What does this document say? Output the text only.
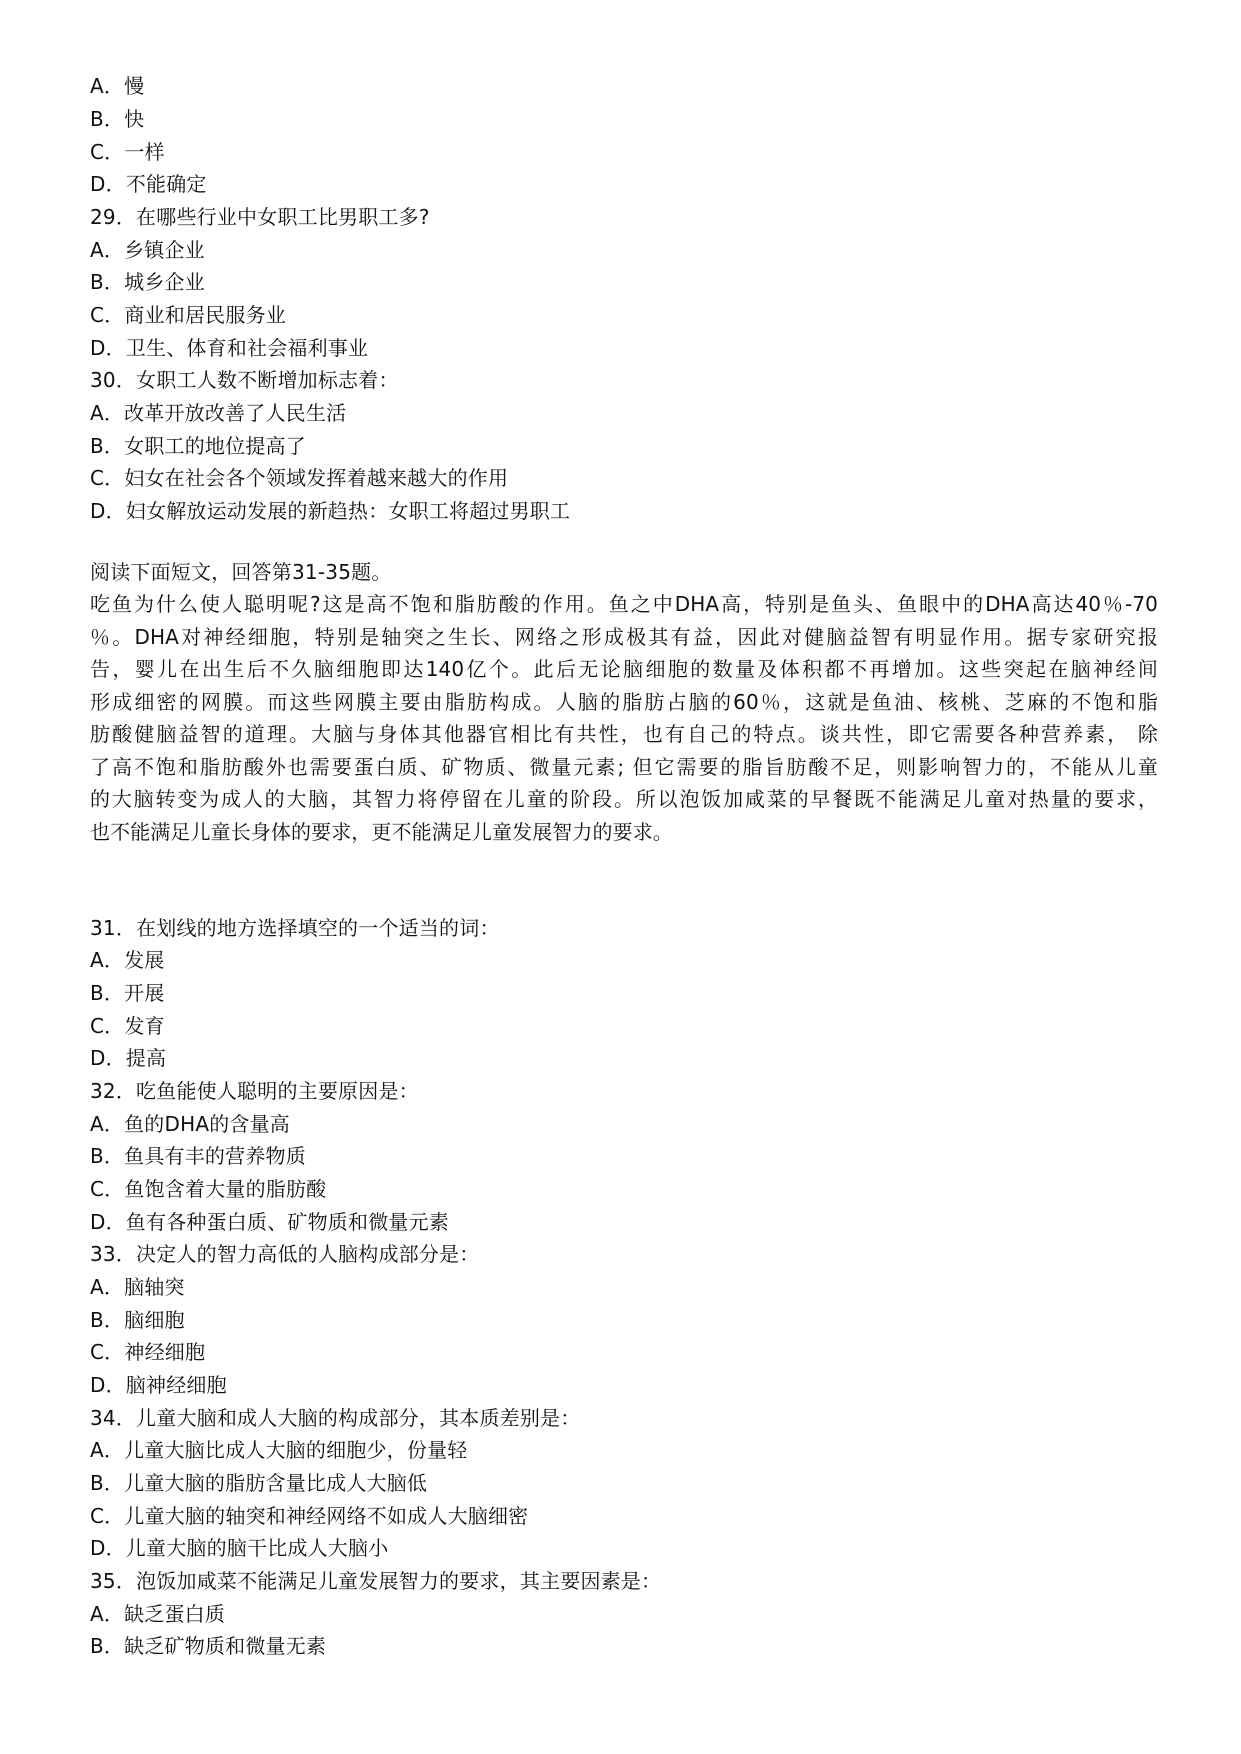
A．慢
B．快
C．一样
D．不能确定
29．在哪些行业中女职工比男职工多?
A．乡镇企业
B．城乡企业
C．商业和居民服务业
D．卫生、体育和社会福利事业
30．女职工人数不断增加标志着：
A．改革开放改善了人民生活
B．女职工的地位提高了
C．妇女在社会各个领域发挥着越来越大的作用
D．妇女解放运动发展的新趋热：女职工将超过男职工
阅读下面短文，回答第31-35题。
吃鱼为什么使人聪明呢?这是高不饱和脂肪酸的作用。鱼之中DHA高，特别是鱼头、鱼眼中的DHA高达40％-70
％。DHA对神经细胞，特别是轴突之生长、网络之形成极其有益，因此对健脑益智有明显作用。据专家研究报
告，婴儿在出生后不久脑细胞即达140亿个。此后无论脑细胞的数量及体积都不再增加。这些突起在脑神经间
形成细密的网膜。而这些网膜主要由脂肪构成。人脑的脂肪占脑的60％，这就是鱼油、核桃、芝麻的不饱和脂
肪酸健脑益智的道理。大脑与身体其他器官相比有共性，也有自己的特点。谈共性，即它需要各种营养素， 除
了高不饱和脂肪酸外也需要蛋白质、矿物质、微量元素; 但它需要的脂旨肪酸不足，则影响智力的，不能从儿童
的大脑转变为成人的大脑，其智力将停留在儿童的阶段。所以泡饭加咸菜的早餐既不能满足儿童对热量的要求，
也不能满足儿童长身体的要求，更不能满足儿童发展智力的要求。
31．在划线的地方选择填空的一个适当的词：
A．发展
B．开展
C．发育
D．提高
32．吃鱼能使人聪明的主要原因是：
A．鱼的DHA的含量高
B．鱼具有丰的营养物质
C．鱼饱含着大量的脂肪酸
D．鱼有各种蛋白质、矿物质和微量元素
33．决定人的智力高低的人脑构成部分是：
A．脑轴突
B．脑细胞
C．神经细胞
D．脑神经细胞
34．儿童大脑和成人大脑的构成部分，其本质差别是：
A．儿童大脑比成人大脑的细胞少，份量轻
B．儿童大脑的脂肪含量比成人大脑低
C．儿童大脑的轴突和神经网络不如成人大脑细密
D．儿童大脑的脑干比成人大脑小
35．泡饭加咸菜不能满足儿童发展智力的要求，其主要因素是：
A．缺乏蛋白质
B．缺乏矿物质和微量无素
